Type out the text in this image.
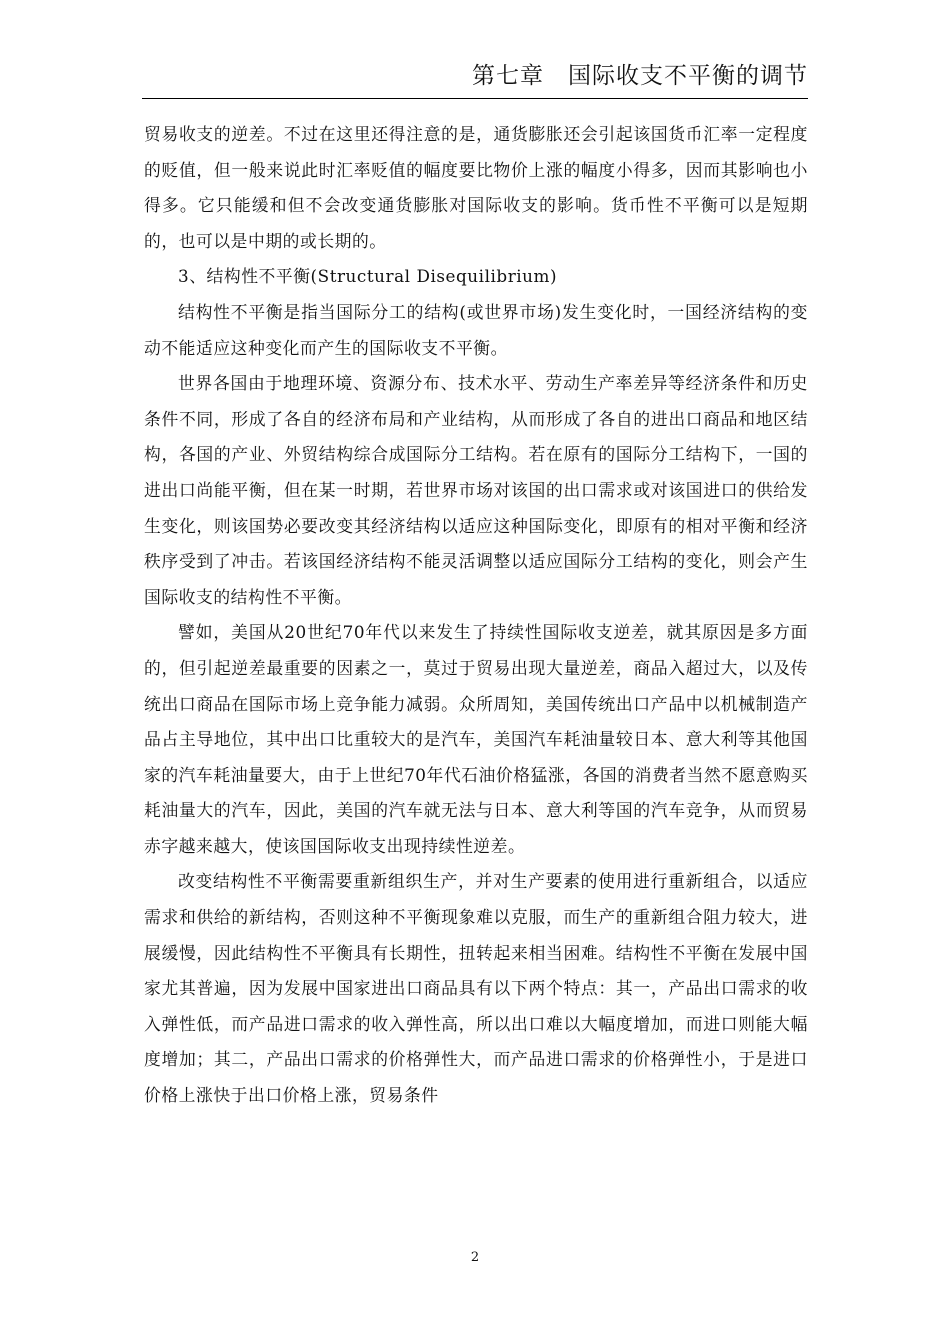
第七章　国际收支不平衡的调节

贸易收支的逆差。不过在这里还得注意的是，通货膨胀还会引起该国货币汇率一定程度的贬值，但一般来说此时汇率贬值的幅度要比物价上涨的幅度小得多，因而其影响也小得多。它只能缓和但不会改变通货膨胀对国际收支的影响。货币性不平衡可以是短期的，也可以是中期的或长期的。

3、结构性不平衡(Structural Disequilibrium)

结构性不平衡是指当国际分工的结构(或世界市场)发生变化时，一国经济结构的变动不能适应这种变化而产生的国际收支不平衡。

世界各国由于地理环境、资源分布、技术水平、劳动生产率差异等经济条件和历史条件不同，形成了各自的经济布局和产业结构，从而形成了各自的进出口商品和地区结构，各国的产业、外贸结构综合成国际分工结构。若在原有的国际分工结构下，一国的进出口尚能平衡，但在某一时期，若世界市场对该国的出口需求或对该国进口的供给发生变化，则该国势必要改变其经济结构以适应这种国际变化，即原有的相对平衡和经济秩序受到了冲击。若该国经济结构不能灵活调整以适应国际分工结构的变化，则会产生国际收支的结构性不平衡。

譬如，美国从20世纪70年代以来发生了持续性国际收支逆差，就其原因是多方面的，但引起逆差最重要的因素之一，莫过于贸易出现大量逆差，商品入超过大，以及传统出口商品在国际市场上竞争能力减弱。众所周知，美国传统出口产品中以机械制造产品占主导地位，其中出口比重较大的是汽车，美国汽车耗油量较日本、意大利等其他国家的汽车耗油量要大，由于上世纪70年代石油价格猛涨，各国的消费者当然不愿意购买耗油量大的汽车，因此，美国的汽车就无法与日本、意大利等国的汽车竞争，从而贸易赤字越来越大，使该国国际收支出现持续性逆差。

改变结构性不平衡需要重新组织生产，并对生产要素的使用进行重新组合，以适应需求和供给的新结构，否则这种不平衡现象难以克服，而生产的重新组合阻力较大，进展缓慢，因此结构性不平衡具有长期性，扭转起来相当困难。结构性不平衡在发展中国家尤其普遍，因为发展中国家进出口商品具有以下两个特点：其一，产品出口需求的收入弹性低，而产品进口需求的收入弹性高，所以出口难以大幅度增加，而进口则能大幅度增加；其二，产品出口需求的价格弹性大，而产品进口需求的价格弹性小，于是进口价格上涨快于出口价格上涨，贸易条件

2
